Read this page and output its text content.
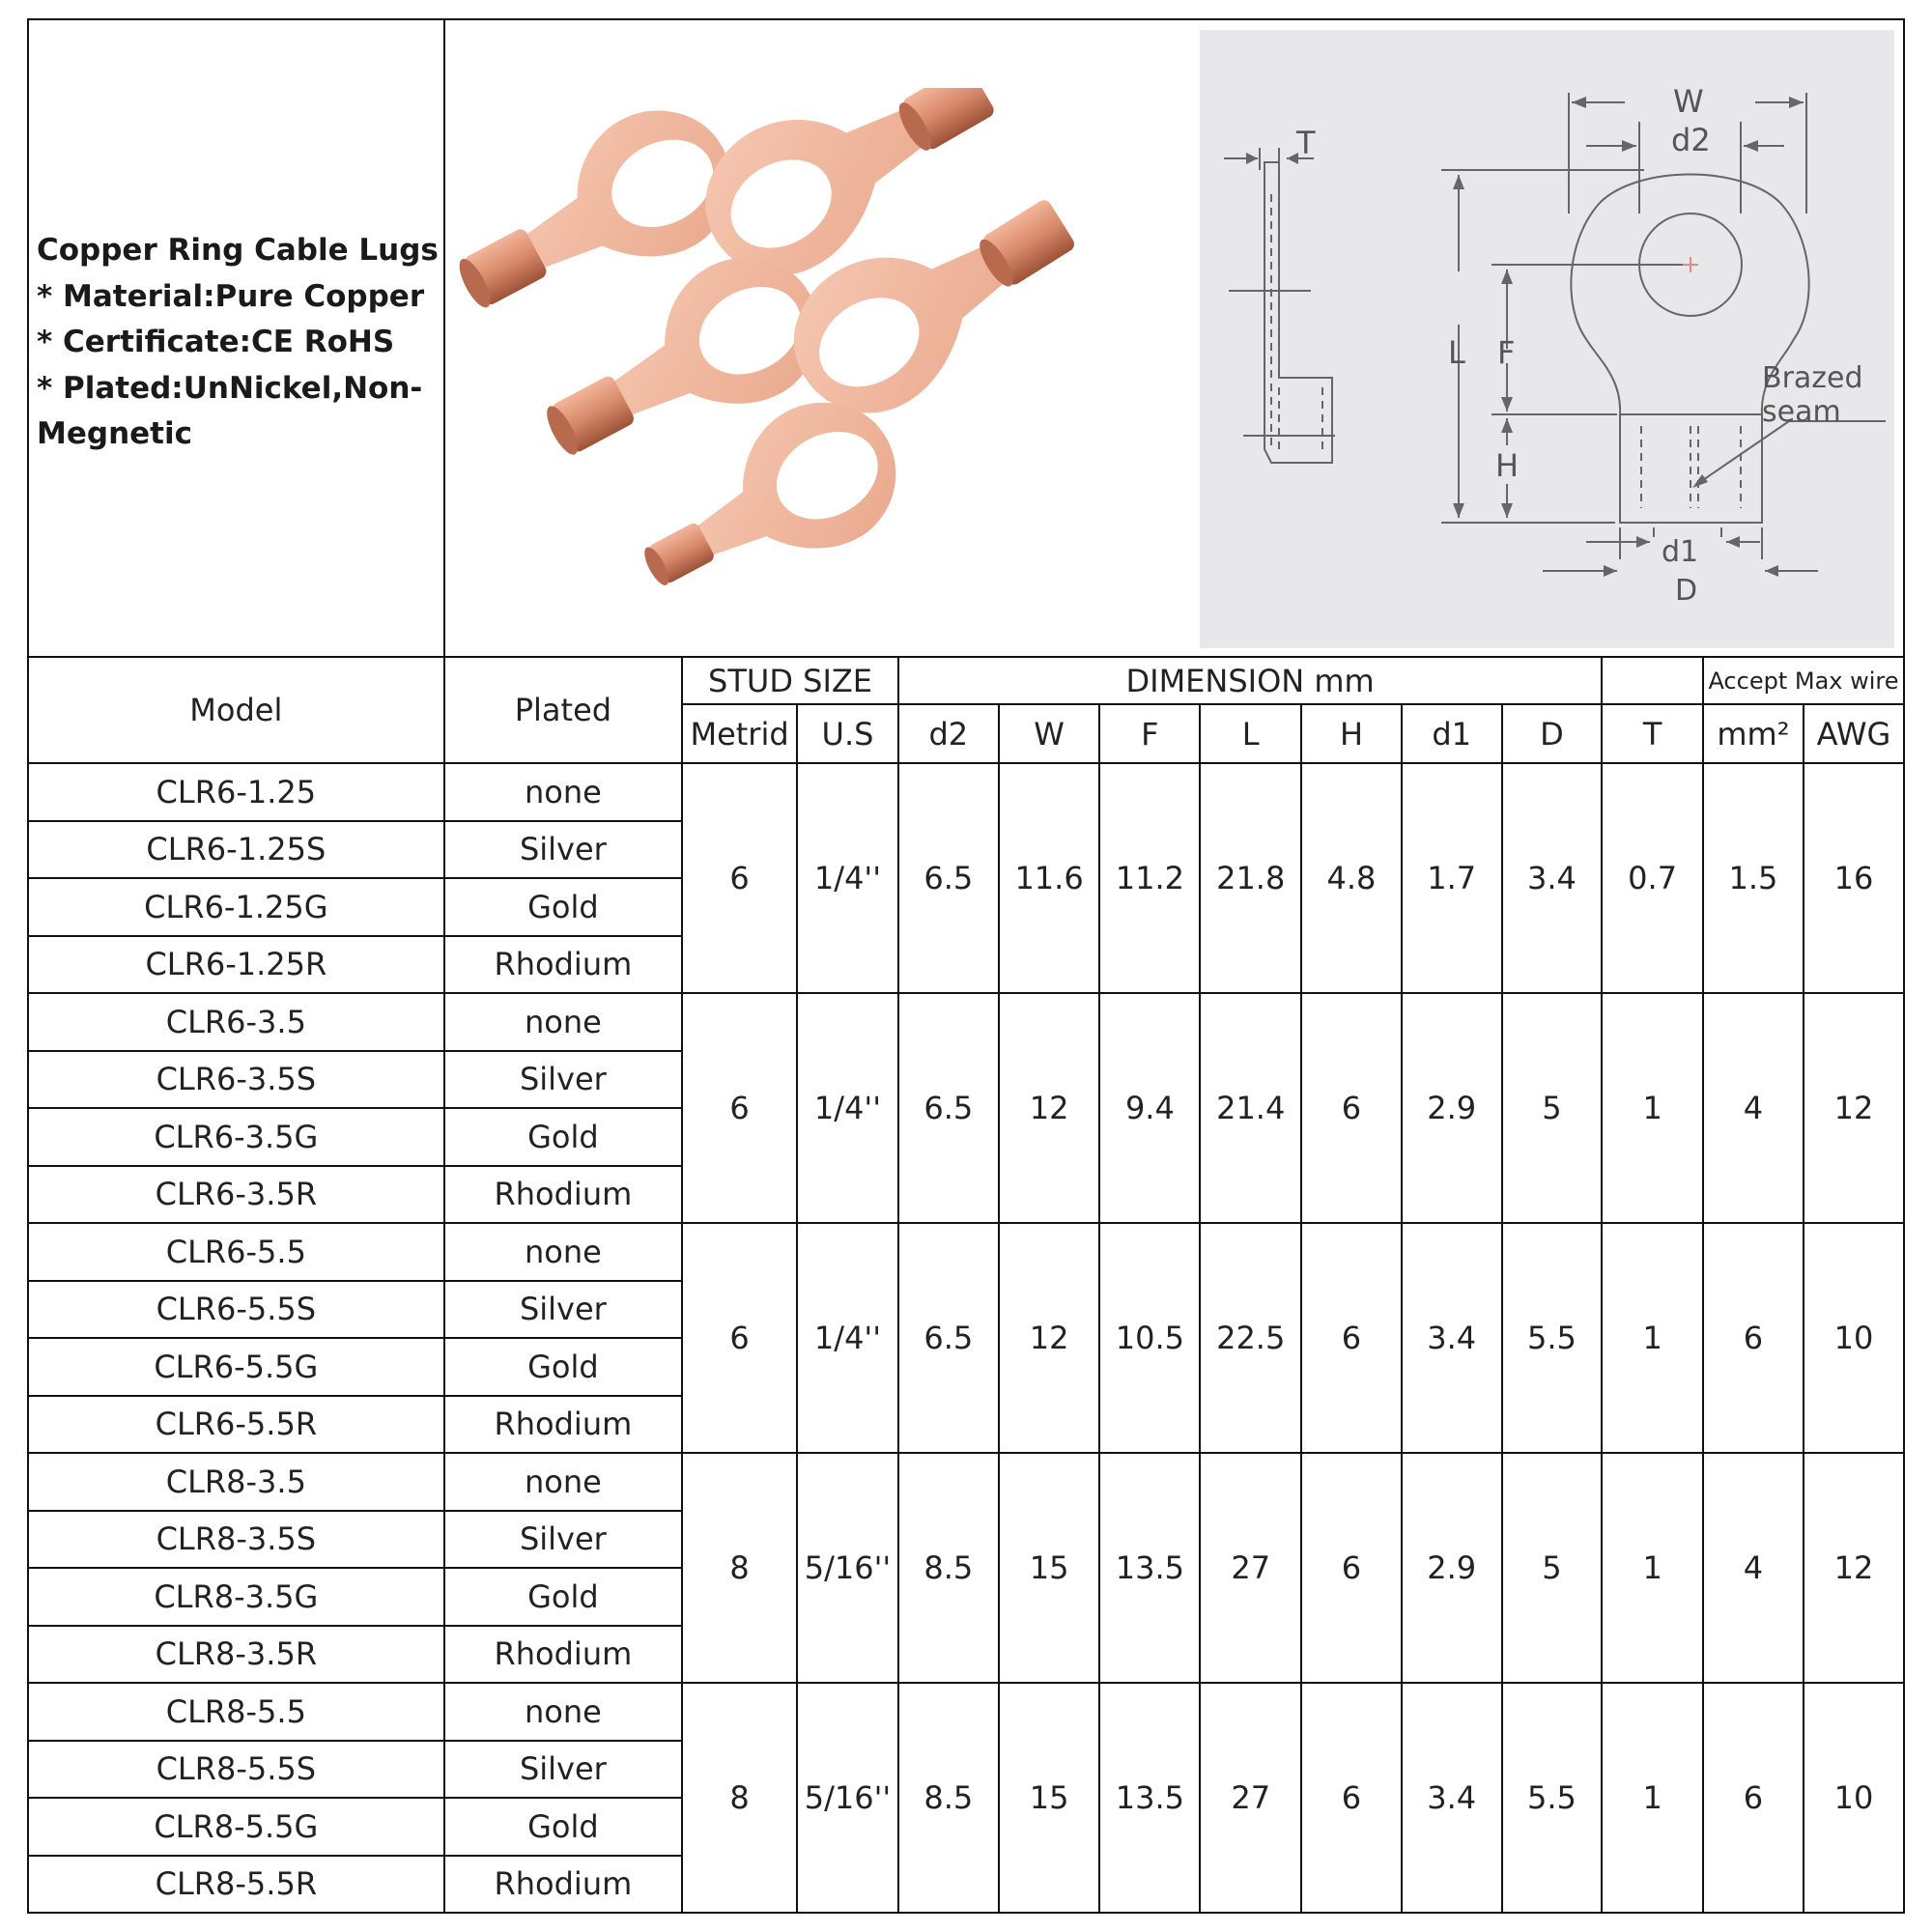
Copper Ring Cable Lugs
* Material:Pure Copper
* Certificate:CE RoHS
* Plated:UnNickel,Non-
Megnetic
T
W
d2
L F
H
d1
D
Brazed
seam
Model	Plated	STUD SIZE		DIMENSION mm								Accept Max wire	
		Metrid	U.S	d2	W	F	L	H	d1	D	T	mm²	AWG
CLR6-1.25	none	6	1/4''	6.5	11.6	11.2	21.8	4.8	1.7	3.4	0.7	1.5	16
CLR6-1.25S	Silver												
CLR6-1.25G	Gold												
CLR6-1.25R	Rhodium												
CLR6-3.5	none	6	1/4''	6.5	12	9.4	21.4	6	2.9	5	1	4	12
CLR6-3.5S	Silver												
CLR6-3.5G	Gold												
CLR6-3.5R	Rhodium												
CLR6-5.5	none	6	1/4''	6.5	12	10.5	22.5	6	3.4	5.5	1	6	10
CLR6-5.5S	Silver												
CLR6-5.5G	Gold												
CLR6-5.5R	Rhodium												
CLR8-3.5	none	8	5/16''	8.5	15	13.5	27	6	2.9	5	1	4	12
CLR8-3.5S	Silver												
CLR8-3.5G	Gold												
CLR8-3.5R	Rhodium												
CLR8-5.5	none	8	5/16''	8.5	15	13.5	27	6	3.4	5.5	1	6	10
CLR8-5.5S	Silver												
CLR8-5.5G	Gold												
CLR8-5.5R	Rhodium												
